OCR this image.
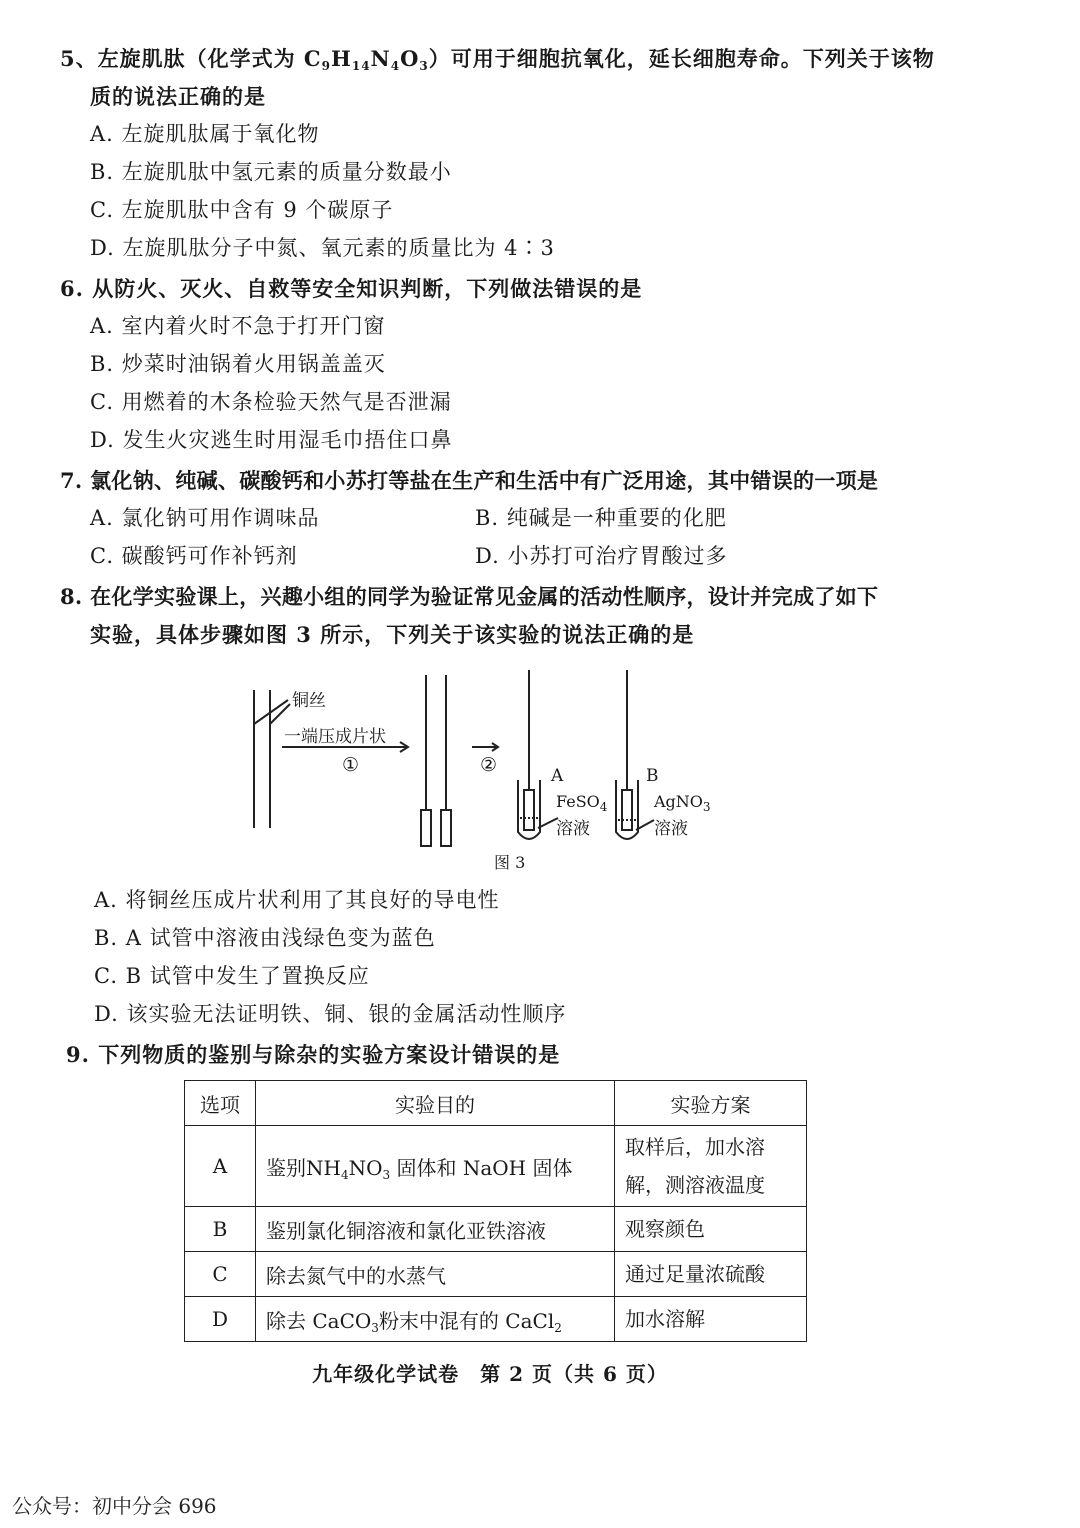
5、左旋肌肽（化学式为 $C_9H_{14}N_4O_3$）可用于细胞抗氧化，延长细胞寿命。下列关于该物
质的说法正确的是
A. 左旋肌肽属于氧化物
B. 左旋肌肽中氢元素的质量分数最小
C. 左旋肌肽中含有 9 个碳原子
D. 左旋肌肽分子中氮、氧元素的质量比为 4∶3
6. 从防火、灭火、自救等安全知识判断，下列做法错误的是
A. 室内着火时不急于打开门窗
B. 炒菜时油锅着火用锅盖盖灭
C. 用燃着的木条检验天然气是否泄漏
D. 发生火灾逃生时用湿毛巾捂住口鼻
7. 氯化钠、纯碱、碳酸钙和小苏打等盐在生产和生活中有广泛用途，其中错误的一项是
A. 氯化钠可用作调味品	B. 纯碱是一种重要的化肥
C. 碳酸钙可作补钙剂	D. 小苏打可治疗胃酸过多
8. 在化学实验课上，兴趣小组的同学为验证常见金属的活动性顺序，设计并完成了如下
实验，具体步骤如图 3 所示，下列关于该实验的说法正确的是
铜丝
一端压成片状
①	②	A	B
FeSO$_4$
溶液
AgNO$_3$
溶液
图 3
A. 将铜丝压成片状利用了其良好的导电性
B. A 试管中溶液由浅绿色变为蓝色
C. B 试管中发生了置换反应
D. 该实验无法证明铁、铜、银的金属活动性顺序
9. 下列物质的鉴别与除杂的实验方案设计错误的是
选项	实验目的	实验方案
A	鉴别$NH_4NO_3$ 固体和 NaOH 固体	取样后，加水溶
解，测溶液温度

B	鉴别氯化铜溶液和氯化亚铁溶液	观察颜色
C	除去氮气中的水蒸气	通过足量浓硫酸
D	除去 CaCO$_3$粉末中混有的 CaCl$_2$	加水溶解
九年级化学试卷　第 2 页（共 6 页）
公众号：初中分会 696
